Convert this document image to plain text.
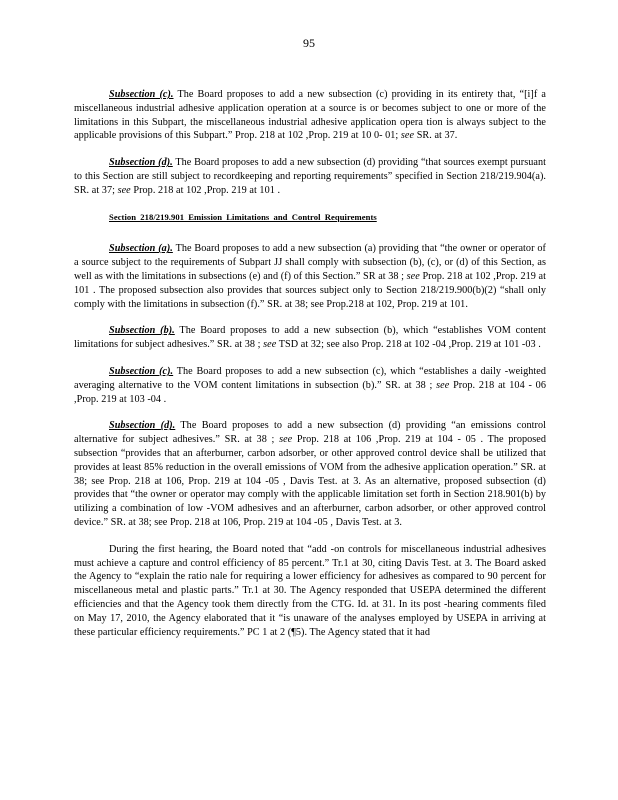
95

Subsection (c). The Board proposes to add a new subsection (c) providing in its entirety that, “[i]f a miscellaneous industrial adhesive application operation at a source is or becomes subject to one or more of the limitations in this Subpart, the miscellaneous industrial adhesive application opera tion is always subject to the applicable provisions of this Subpart.” Prop. 218 at 102 ,Prop. 219 at 10 0- 01; see SR. at 37.

Subsection (d). The Board proposes to add a new subsection (d) providing “that sources exempt pursuant to this Section are still subject to recordkeeping and reporting requirements” specified in Section 218/219.904(a). SR. at 37; see Prop. 218 at 102 ,Prop. 219 at 101 .

Section 218/219.901 Emission Limitations and Control Requirements

Subsection (a). The Board proposes to add a new subsection (a) providing that “the owner or operator of a source subject to the requirements of Subpart JJ shall comply with subsection (b), (c), or (d) of this Section, as well as with the limitations in subsections (e) and (f) of this Section.” SR at 38 ; see Prop. 218 at 102 ,Prop. 219 at 101 . The proposed subsection also provides that sources subject only to Section 218/219.900(b)(2) “shall only comply with the limitations in subsection (f).” SR. at 38; see Prop.218 at 102, Prop. 219 at 101.

Subsection (b). The Board proposes to add a new subsection (b), which “establishes VOM content limitations for subject adhesives.” SR. at 38 ; see TSD at 32; see also Prop. 218 at 102 -04 ,Prop. 219 at 101 -03 .

Subsection (c). The Board proposes to add a new subsection (c), which “establishes a daily -weighted averaging alternative to the VOM content limitations in subsection (b).” SR. at 38 ; see Prop. 218 at 104 - 06 ,Prop. 219 at 103 -04 .

Subsection (d). The Board proposes to add a new subsection (d) providing “an emissions control alternative for subject adhesives.” SR. at 38 ; see Prop. 218 at 106 ,Prop. 219 at 104 - 05 . The proposed subsection “provides that an afterburner, carbon adsorber, or other approved control device shall be utilized that provides at least 85% reduction in the overall emissions of VOM from the adhesive application operation.” SR. at 38; see Prop. 218 at 106, Prop. 219 at 104 -05 , Davis Test. at 3. As an alternative, proposed subsection (d) provides that “the owner or operator may comply with the applicable limitation set forth in Section 218.901(b) by utilizing a combination of low -VOM adhesives and an afterburner, carbon adsorber, or other approved control device.” SR. at 38; see Prop. 218 at 106, Prop. 219 at 104 -05 , Davis Test. at 3.

During the first hearing, the Board noted that “add -on controls for miscellaneous industrial adhesives must achieve a capture and control efficiency of 85 percent.” Tr.1 at 30, citing Davis Test. at 3. The Board asked the Agency to “explain the ratio nale for requiring a lower efficiency for adhesives as compared to 90 percent for miscellaneous metal and plastic parts.” Tr.1 at 30. The Agency responded that USEPA determined the different efficiencies and that the Agency took them directly from the CTG. Id. at 31. In its post -hearing comments filed on May 17, 2010, the Agency elaborated that it “is unaware of the analyses employed by USEPA in arriving at these particular efficiency requirements.” PC 1 at 2 (¶5). The Agency stated that it had
